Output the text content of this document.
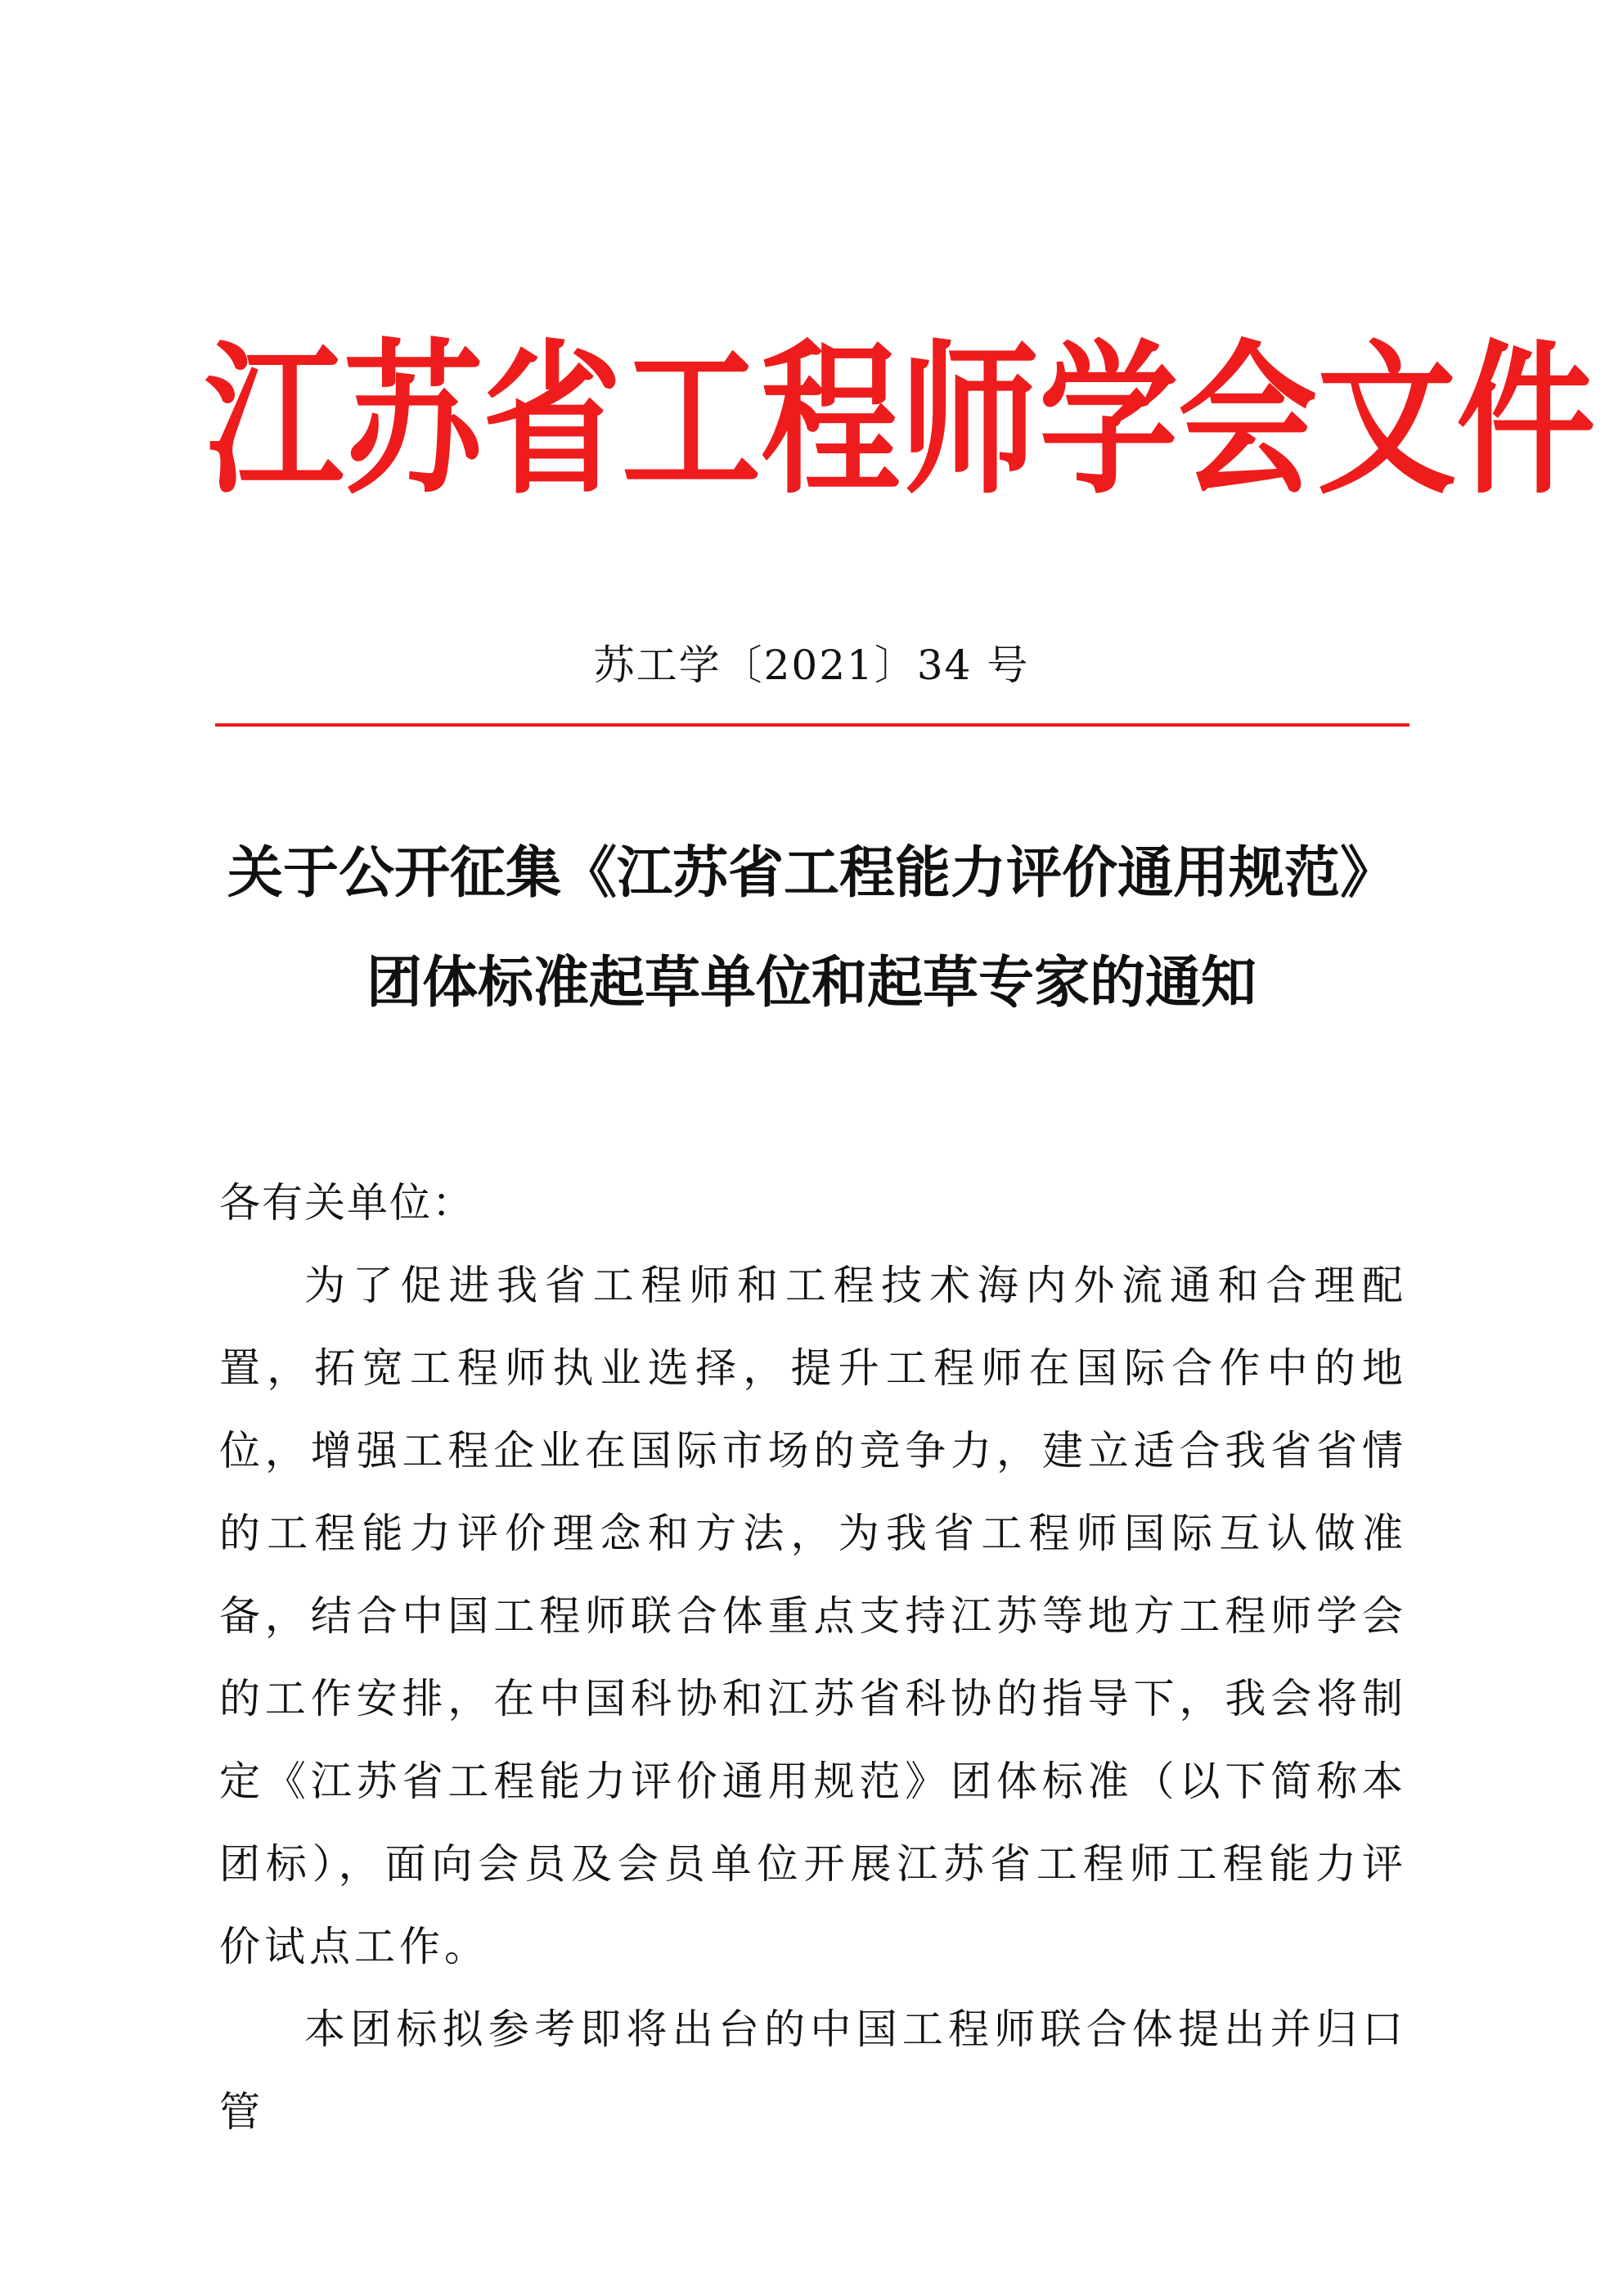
江 苏 省 工 程 师 学 会 文 件
苏工学〔2021〕34 号
关于公开征集《江苏省工程能力评价通用规范》
团体标准起草单位和起草专家的通知

各有关单位：

为了促进我省工程师和工程技术海内外流通和合理配置，拓宽工程师执业选择，提升工程师在国际合作中的地位，增强工程企业在国际市场的竞争力，建立适合我省省情的工程能力评价理念和方法，为我省工程师国际互认做准备，结合中国工程师联合体重点支持江苏等地方工程师学会的工作安排，在中国科协和江苏省科协的指导下，我会将制定《江苏省工程能力评价通用规范》团体标准（以下简称本团标），面向会员及会员单位开展江苏省工程师工程能力评价试点工作。

本团标拟参考即将出台的中国工程师联合体提出并归口管
